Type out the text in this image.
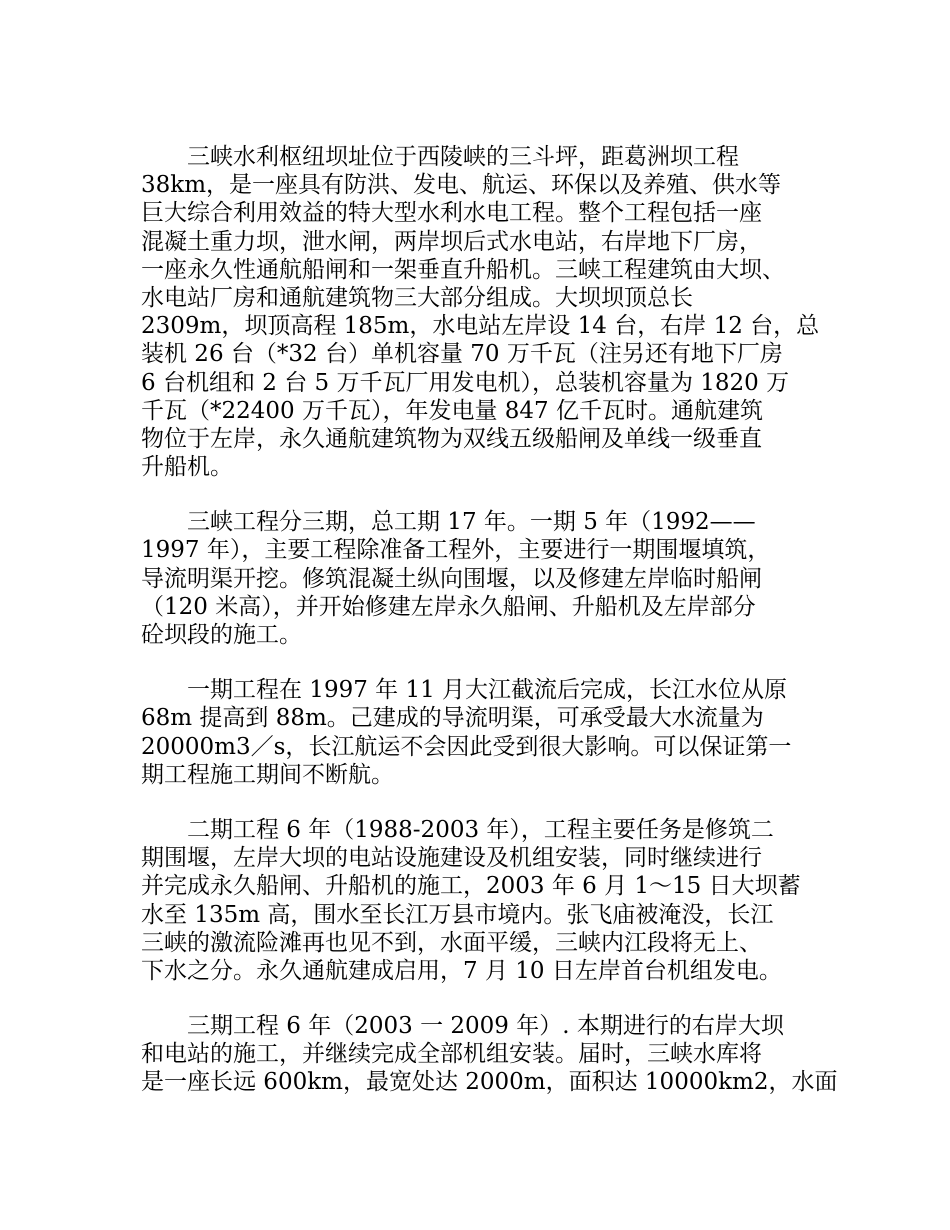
　　三峡水利枢纽坝址位于西陵峡的三斗坪，距葛洲坝工程
38km，是一座具有防洪、发电、航运、环保以及养殖、供水等
巨大综合利用效益的特大型水利水电工程。整个工程包括一座
混凝土重力坝，泄水闸，两岸坝后式水电站，右岸地下厂房，
一座永久性通航船闸和一架垂直升船机。三峡工程建筑由大坝、
水电站厂房和通航建筑物三大部分组成。大坝坝顶总长
2309m，坝顶高程 185m，水电站左岸设 14 台，右岸 12 台，总
装机 26 台（*32 台）单机容量 70 万千瓦（注另还有地下厂房
6 台机组和 2 台 5 万千瓦厂用发电机），总装机容量为 1820 万
千瓦（*22400 万千瓦），年发电量 847 亿千瓦时。通航建筑
物位于左岸，永久通航建筑物为双线五级船闸及单线一级垂直
升船机。
　　三峡工程分三期，总工期 17 年。一期 5 年（1992——
1997 年），主要工程除准备工程外，主要进行一期围堰填筑，
导流明渠开挖。修筑混凝土纵向围堰，以及修建左岸临时船闸
（120 米高），并开始修建左岸永久船闸、升船机及左岸部分
砼坝段的施工。
　　一期工程在 1997 年 11 月大江截流后完成，长江水位从原
68m 提高到 88m。己建成的导流明渠，可承受最大水流量为
20000m3／s，长江航运不会因此受到很大影响。可以保证第一
期工程施工期间不断航。
　　二期工程 6 年（1988-2003 年），工程主要任务是修筑二
期围堰，左岸大坝的电站设施建设及机组安装，同时继续进行
并完成永久船闸、升船机的施工，2003 年 6 月 1～15 日大坝蓄
水至 135m 高，围水至长江万县市境内。张飞庙被淹没，长江
三峡的激流险滩再也见不到，水面平缓，三峡内江段将无上、
下水之分。永久通航建成启用，7 月 10 日左岸首台机组发电。
　　三期工程 6 年（2003 一 2009 年）. 本期进行的右岸大坝
和电站的施工，并继续完成全部机组安装。届时，三峡水库将
是一座长远 600km，最宽处达 2000m，面积达 10000km2，水面
